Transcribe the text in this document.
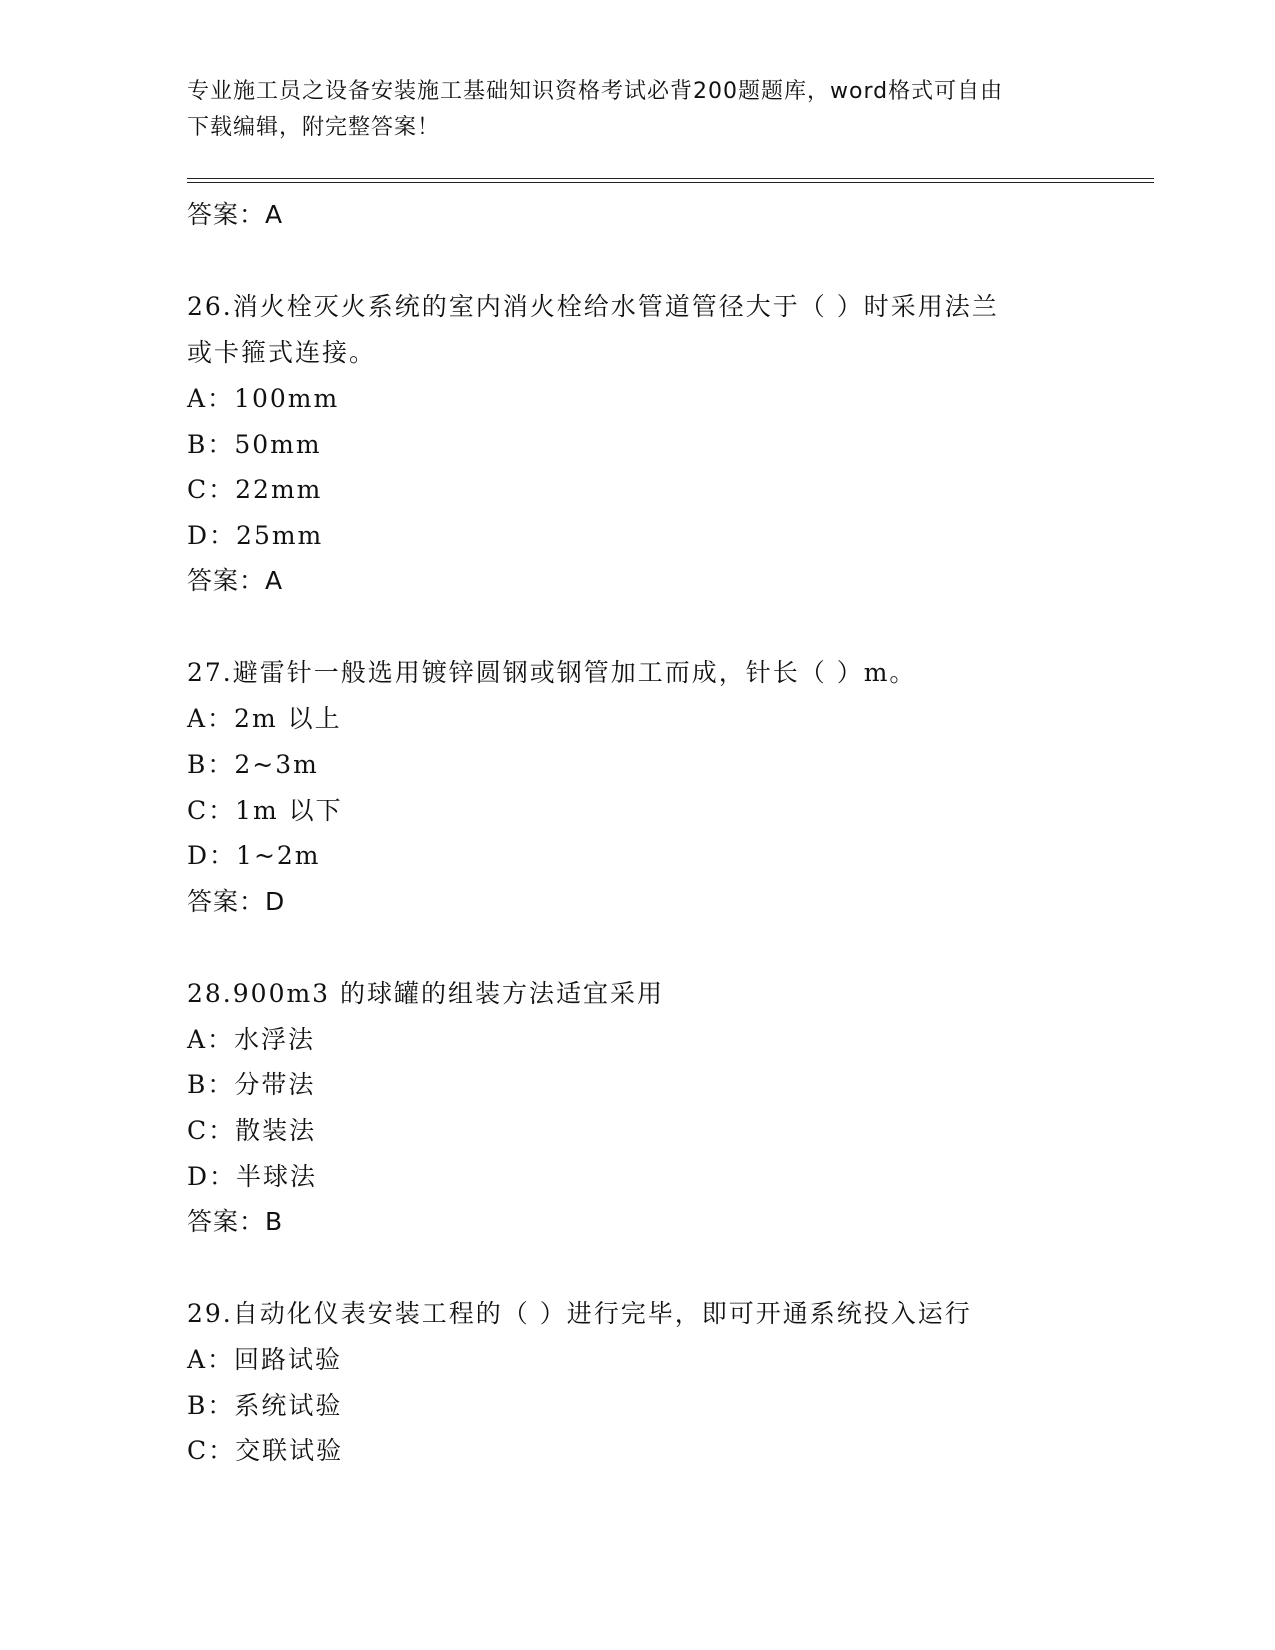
专业施工员之设备安装施工基础知识资格考试必背200题题库，word格式可自由
下载编辑，附完整答案！
答案：A
26.消火栓灭火系统的室内消火栓给水管道管径大于（ ）时采用法兰
或卡箍式连接。
A：100mm
B：50mm
C：22mm
D：25mm
答案：A
27.避雷针一般选用镀锌圆钢或钢管加工而成，针长（ ）m。
A：2m 以上
B：2~3m
C：1m 以下
D：1~2m
答案：D
28.900m3 的球罐的组装方法适宜采用
A：水浮法
B：分带法
C：散装法
D：半球法
答案：B
29.自动化仪表安装工程的（ ）进行完毕，即可开通系统投入运行
A：回路试验
B：系统试验
C：交联试验
